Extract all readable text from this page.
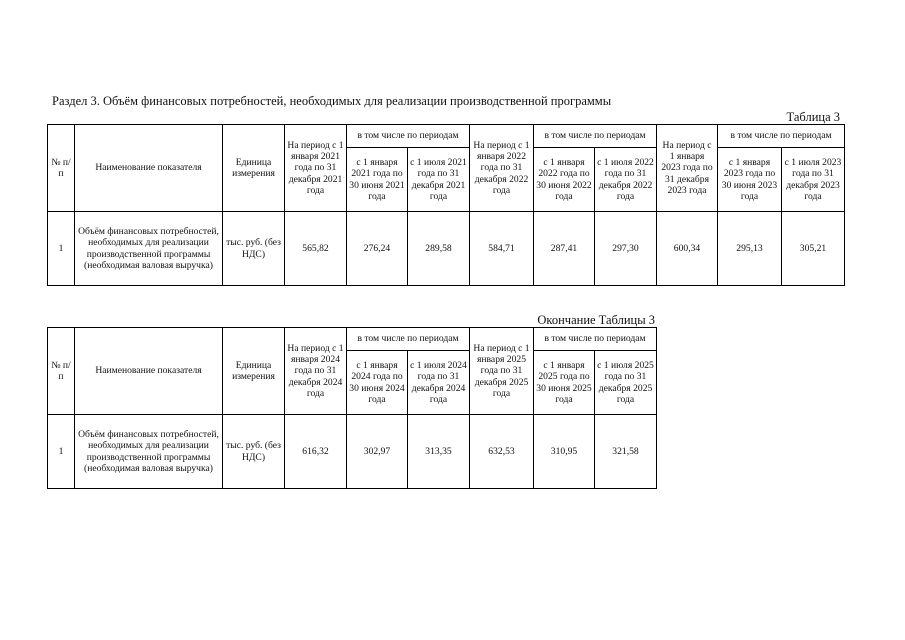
Раздел 3. Объём финансовых потребностей, необходимых для реализации производственной программы
Таблица 3
№ п/п	Наименование показателя	Единица измерения	На период с 1 января 2021 года по 31 декабря 2021 года	в том числе по периодам		На период с 1 января 2022 года по 31 декабря 2022 года	в том числе по периодам		На период с 1 января 2023 года по 31 декабря 2023 года	в том числе по периодам	
				с 1 января 2021 года по 30 июня 2021 года	с 1 июля 2021 года по 31 декабря 2021 года		с 1 января 2022 года по 30 июня 2022 года	с 1 июля 2022 года по 31 декабря 2022 года		с 1 января 2023 года по 30 июня 2023 года	с 1 июля 2023 года по 31 декабря 2023 года
1	Объём финансовых потребностей, необходимых для реализации производственной программы (необходимая валовая выручка)	тыс. руб. (без НДС)	565,82	276,24	289,58	584,71	287,41	297,30	600,34	295,13	305,21
Окончание Таблицы 3
№ п/п	Наименование показателя	Единица измерения	На период с 1 января 2024 года по 31 декабря 2024 года	в том числе по периодам		На период с 1 января 2025 года по 31 декабря 2025 года	в том числе по периодам	
				с 1 января 2024 года по 30 июня 2024 года	с 1 июля 2024 года по 31 декабря 2024 года		с 1 января 2025 года по 30 июня 2025 года	с 1 июля 2025 года по 31 декабря 2025 года
1	Объём финансовых потребностей, необходимых для реализации производственной программы (необходимая валовая выручка)	тыс. руб. (без НДС)	616,32	302,97	313,35	632,53	310,95	321,58
